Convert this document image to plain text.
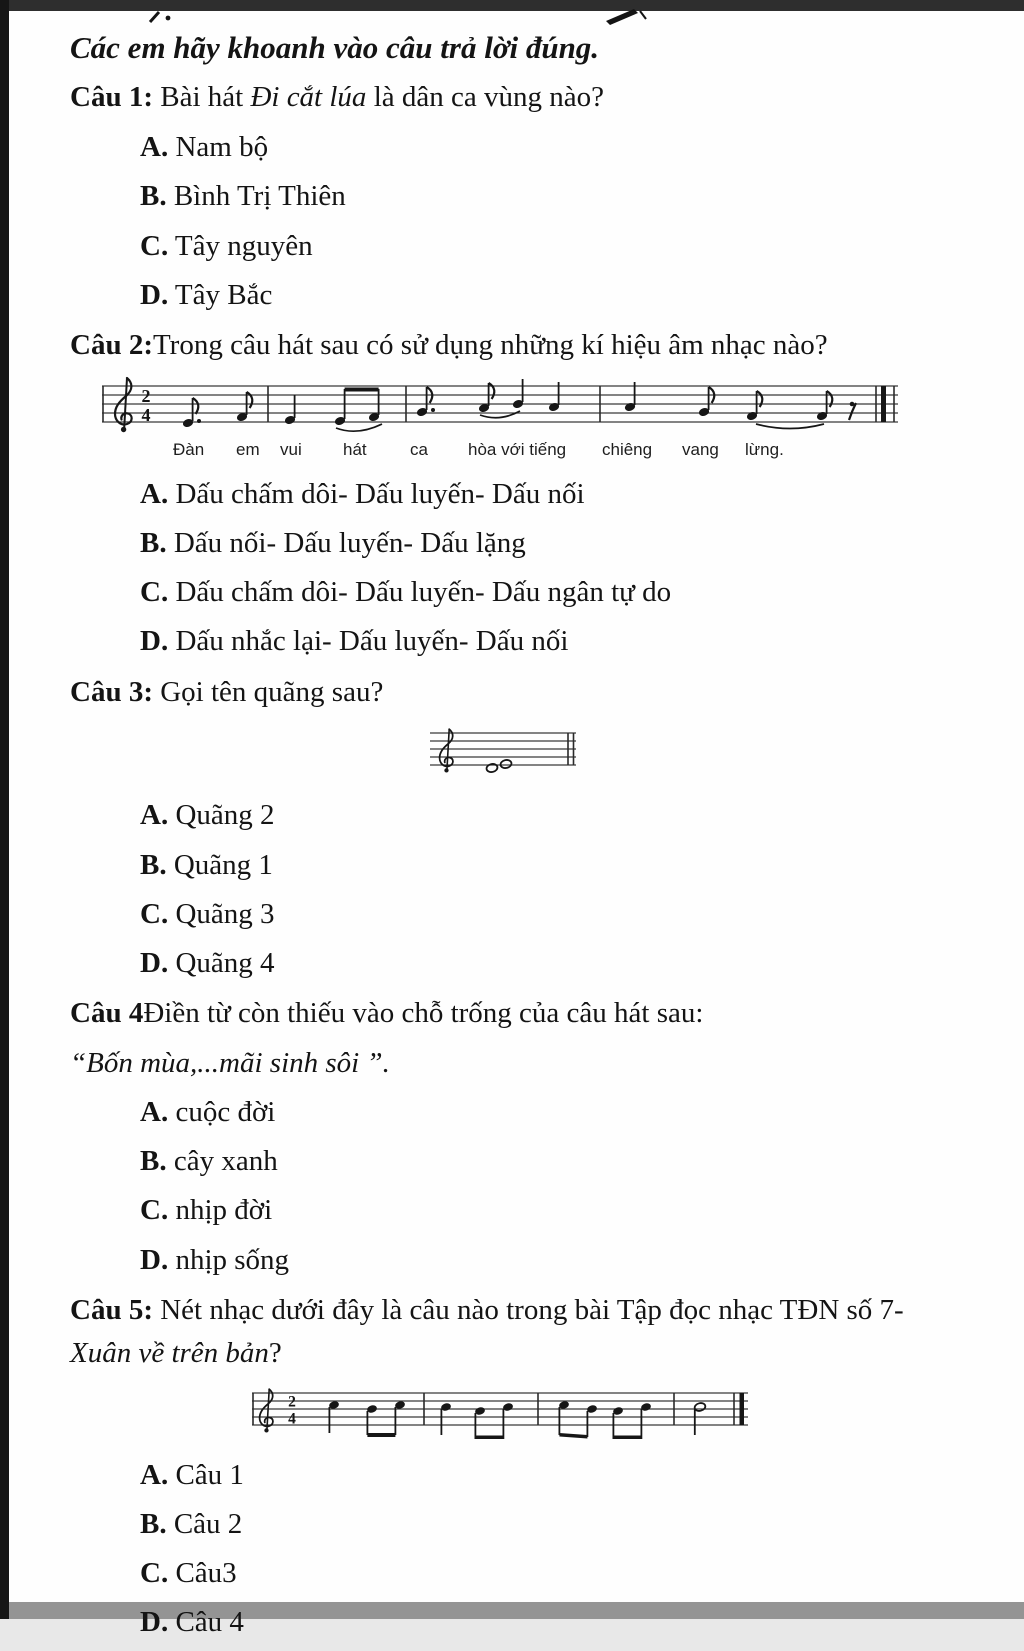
Các em hãy khoanh vào câu trả lời đúng.

Câu 1: Bài hát Đi cắt lúa là dân ca vùng nào?

A. Nam bộ

B. Bình Trị Thiên

C. Tây nguyên

D. Tây Bắc

Câu 2:Trong câu hát sau có sử dụng những kí hiệu âm nhạc nào?

2
4
Đàn em vui hát	ca hòa với tiếng chiêng vang lừng.

A. Dấu chấm dôi- Dấu luyến- Dấu nối

B. Dấu nối- Dấu luyến- Dấu lặng

C. Dấu chấm dôi- Dấu luyến- Dấu ngân tự do

D. Dấu nhắc lại- Dấu luyến- Dấu nối

Câu 3: Gọi tên quãng sau?

A. Quãng 2

B. Quãng 1

C. Quãng 3

D. Quãng 4

Câu 4Điền từ còn thiếu vào chỗ trống của câu hát sau:

“Bốn mùa,...mãi sinh sôi ”.

A. cuộc đời

B. cây xanh

C. nhịp đời

D. nhịp sống

Câu 5: Nét nhạc dưới đây là câu nào trong bài Tập đọc nhạc TĐN số 7- Xuân về trên bản?

2
4

A. Câu 1

B. Câu 2

C. Câu3

D. Câu 4
